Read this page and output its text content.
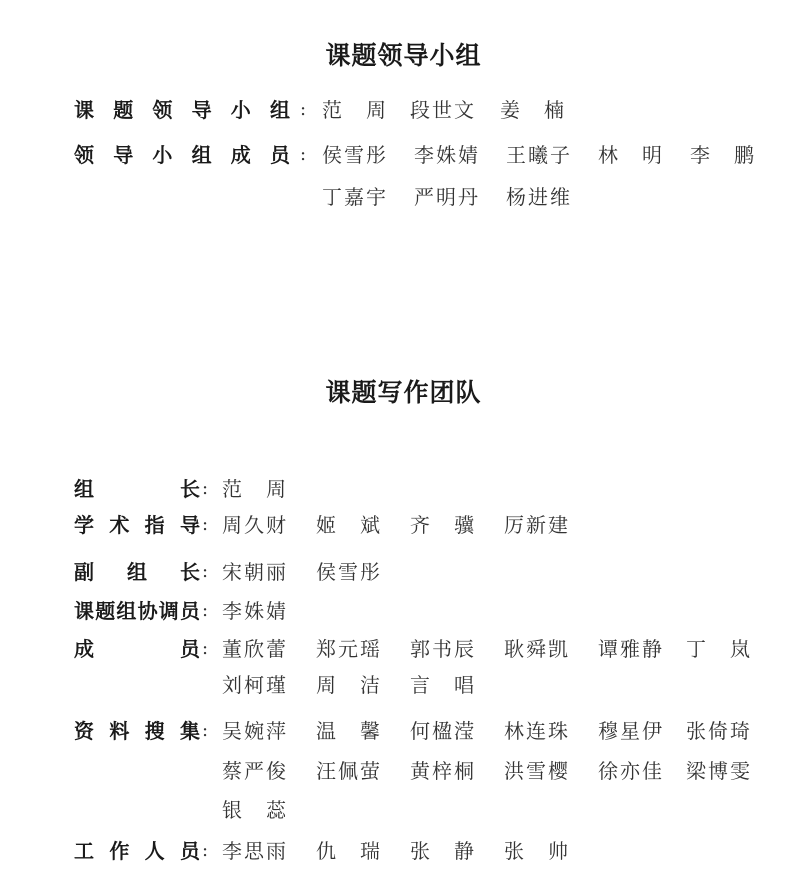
课题领导小组
课题领导小组 : 范　周 段世文 姜　楠
领导小组成员 : 侯雪彤 李姝婧 王曦子 林　明 李　鹏
丁嘉宇 严明丹 杨进维
课题写作团队
组长 : 范　周
学术指导 : 周久财 姬　斌 齐　骥 厉新建
副组长 : 宋朝丽 侯雪彤
课题组协调员 : 李姝婧
成员 : 董欣蕾 郑元瑶 郭书辰 耿舜凯 谭雅静 丁　岚
刘柯瑾 周　洁 言　唱
资料搜集 : 吴婉萍 温　馨 何楹滢 林连珠 穆星伊 张倚琦
蔡严俊 汪佩萤 黄梓桐 洪雪樱 徐亦佳 梁博雯
银　蕊
工作人员 : 李思雨 仇　瑞 张　静 张　帅
